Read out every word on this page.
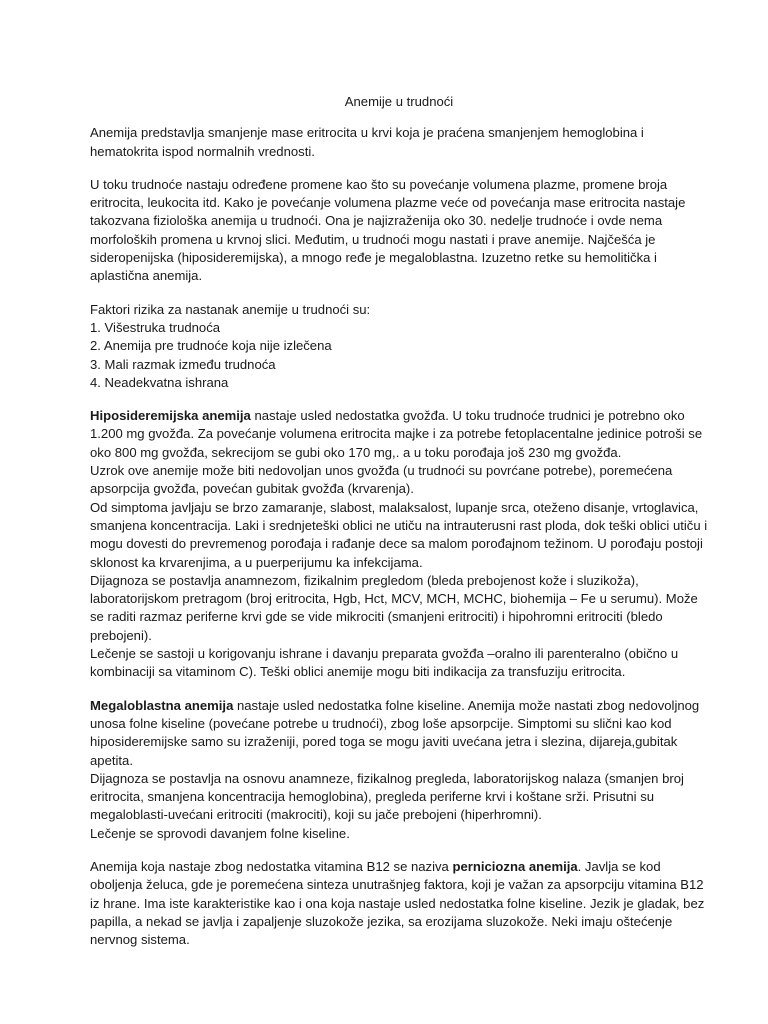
Anemije u trudnoći

Anemija predstavlja smanjenje mase eritrocita u krvi koja je praćena smanjenjem hemoglobina i hematokrita ispod normalnih vrednosti.

U toku trudnoće nastaju određene promene kao što su povećanje volumena plazme, promene broja eritrocita, leukocita itd. Kako je povećanje volumena plazme veće od povećanja mase eritrocita nastaje takozvana fiziološka anemija u trudnoći. Ona je najizraženija oko 30. nedelje trudnoće i ovde nema morfoloških promena u krvnoj slici. Međutim, u trudnoći mogu nastati i prave anemije. Najčešća je sideropenijska (hiposideremijska), a mnogo ređe je megaloblastna. Izuzetno retke su hemolitička i aplastična anemija.

Faktori rizika za nastanak anemije u trudnoći su:

1. Višestruka trudnoća
2. Anemija pre trudnoće koja nije izlečena
3. Mali razmak između trudnoća
4. Neadekvatna ishrana

Hiposideremijska anemija nastaje usled nedostatka gvožđa. U toku trudnoće trudnici je potrebno oko 1.200 mg gvožđa. Za povećanje volumena eritrocita majke i za potrebe fetoplacentalne jedinice potroši se oko 800 mg gvožđa, sekrecijom se gubi oko 170 mg,. a u toku porođaja još 230 mg gvožđa.

Uzrok ove anemije može biti nedovoljan unos gvožđa (u trudnoći su povrćane potrebe), poremećena apsorpcija gvožđa, povećan gubitak gvožđa (krvarenja).

Od simptoma javljaju se brzo zamaranje, slabost, malaksalost, lupanje srca, oteženo disanje, vrtoglavica, smanjena koncentracija. Laki i srednjeteški oblici ne utiču na intrauterusni rast ploda, dok teški oblici utiču i mogu dovesti do prevremenog porođaja i rađanje dece sa malom porođajnom težinom. U porođaju postoji sklonost ka krvarenjima, a u puerperijumu ka infekcijama.

Dijagnoza se postavlja anamnezom, fizikalnim pregledom (bleda prebojenost kože i sluzikoža), laboratorijskom pretragom (broj eritrocita, Hgb, Hct, MCV, MCH, MCHC, biohemija – Fe u serumu). Može se raditi razmaz periferne krvi gde se vide mikrociti (smanjeni eritrociti) i hipohromni eritrociti (bledo prebojeni).

Lečenje se sastoji u korigovanju ishrane i davanju preparata gvožđa –oralno ili parenteralno (obično u kombinaciji sa vitaminom C). Teški oblici anemije mogu biti indikacija za transfuziju eritrocita.

Megaloblastna anemija nastaje usled nedostatka folne kiseline. Anemija može nastati zbog nedovoljnog unosa folne kiseline (povećane potrebe u trudnoći), zbog loše apsorpcije. Simptomi su slični kao kod hiposideremijske samo su izraženiji, pored toga se mogu javiti uvećana jetra i slezina, dijareja,gubitak apetita.

Dijagnoza se postavlja na osnovu anamneze, fizikalnog pregleda, laboratorijskog nalaza (smanjen broj eritrocita, smanjena koncentracija hemoglobina), pregleda periferne krvi i koštane srži. Prisutni su megaloblasti-uvećani eritrociti (makrociti), koji su jače prebojeni (hiperhromni).

Lečenje se sprovodi davanjem folne kiseline.

Anemija koja nastaje zbog nedostatka vitamina B12 se naziva perniciozna anemija. Javlja se kod oboljenja želuca, gde je poremećena sinteza unutrašnjeg faktora, koji je važan za apsorpciju vitamina B12 iz hrane. Ima iste karakteristike kao i ona koja nastaje usled nedostatka folne kiseline. Jezik je gladak, bez papilla, a nekad se javlja i zapaljenje sluzokože jezika, sa erozijama sluzokože. Neki imaju oštećenje nervnog sistema.
